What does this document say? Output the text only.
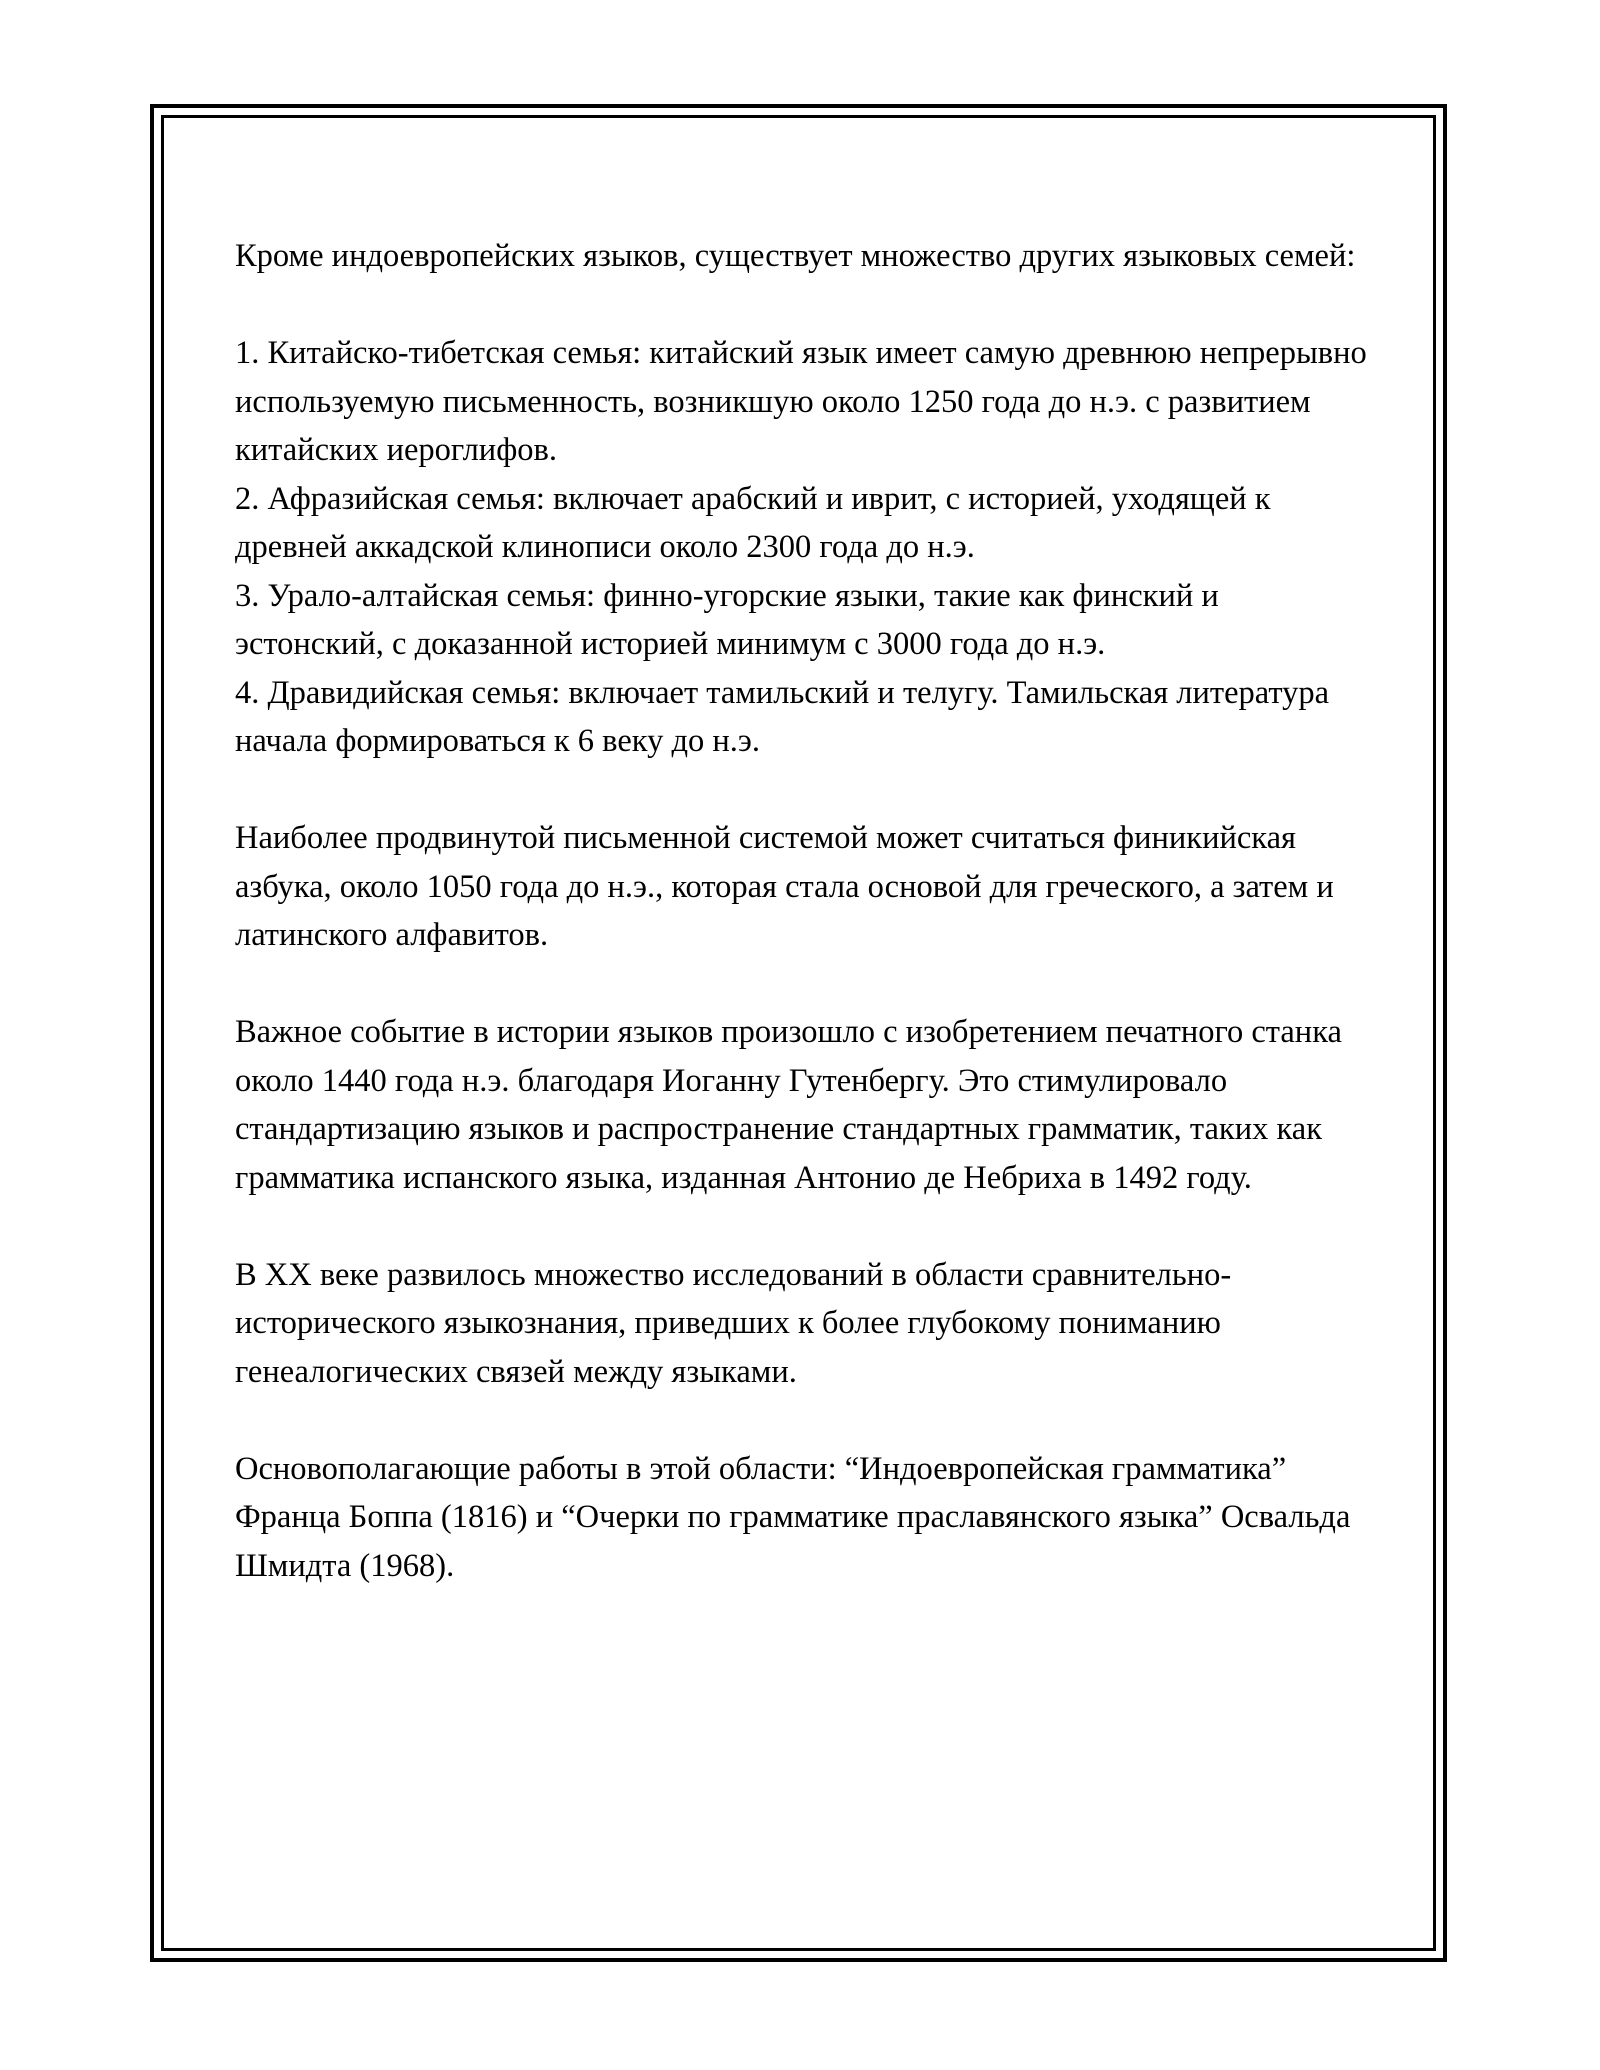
Кроме индоевропейских языков, существует множество других языковых семей:

1. Китайско-тибетская семья: китайский язык имеет самую древнюю непрерывно используемую письменность, возникшую около 1250 года до н.э. с развитием китайских иероглифов.
2. Афразийская семья: включает арабский и иврит, с историей, уходящей к древней аккадской клинописи около 2300 года до н.э.
3. Урало-алтайская семья: финно-угорские языки, такие как финский и эстонский, с доказанной историей минимум с 3000 года до н.э.
4. Дравидийская семья: включает тамильский и телугу. Тамильская литература начала формироваться к 6 веку до н.э.

Наиболее продвинутой письменной системой может считаться финикийская азбука, около 1050 года до н.э., которая стала основой для греческого, а затем и латинского алфавитов.

Важное событие в истории языков произошло с изобретением печатного станка около 1440 года н.э. благодаря Иоганну Гутенбергу. Это стимулировало стандартизацию языков и распространение стандартных грамматик, таких как грамматика испанского языка, изданная Антонио де Небриха в 1492 году.

В XX веке развилось множество исследований в области сравнительно-исторического языкознания, приведших к более глубокому пониманию генеалогических связей между языками.

Основополагающие работы в этой области: “Индоевропейская грамматика” Франца Боппа (1816) и “Очерки по грамматике праславянского языка” Освальда Шмидта (1968).
